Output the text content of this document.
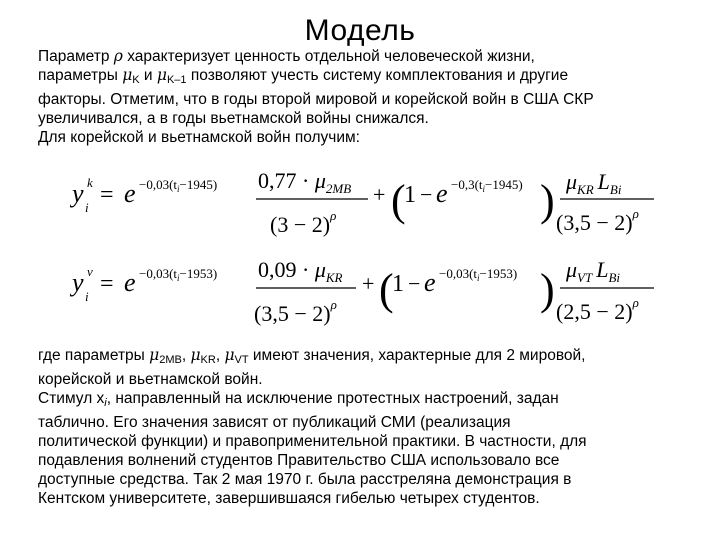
Модель
Параметр ρ характеризует ценность отдельной человеческой жизни,
параметры $\mu_K$ и $\mu_{K-1}$ позволяют учесть систему комплектования и другие
факторы. Отметим, что в годы второй мировой и корейской войн в США СКР
увеличивался, а в годы вьетнамской войны снижался.
Для корейской и вьетнамской войн получим:
y k
$i = e -0,03(t_i-1945) 0,77 \cdot \mu_{2MB}$
$(3 - 2)^\rho$
+ (
$1 - e -0,3(t_i-1945)$ ) $\mu_{KR}$ $L_{Bi}$
$(3,5 - 2)^\rho$
y v
$i = e -0,03(t_i-1953) 0,09 \cdot \mu_{KR}$
$(3,5 - 2)^\rho$
+ (
$1 - e -0,03(t_i-1953)$ ) $\mu_{VT}$ $L_{Bi}$
$(2,5 - 2)^\rho$
где параметры $\mu_{2MB}$, $\mu_{KR}$, $\mu_{VT}$ имеют значения, характерные для 2 мировой,
корейской и вьетнамской войн.
Стимул $x_i$, направленный на исключение протестных настроений, задан
таблично. Его значения зависят от публикаций СМИ (реализация
политической функции) и правоприменительной практики. В частности, для
подавления волнений студентов Правительство США использовало все
доступные средства. Так 2 мая 1970 г. была расстреляна демонстрация в
Кентском университете, завершившаяся гибелью четырех студентов.
